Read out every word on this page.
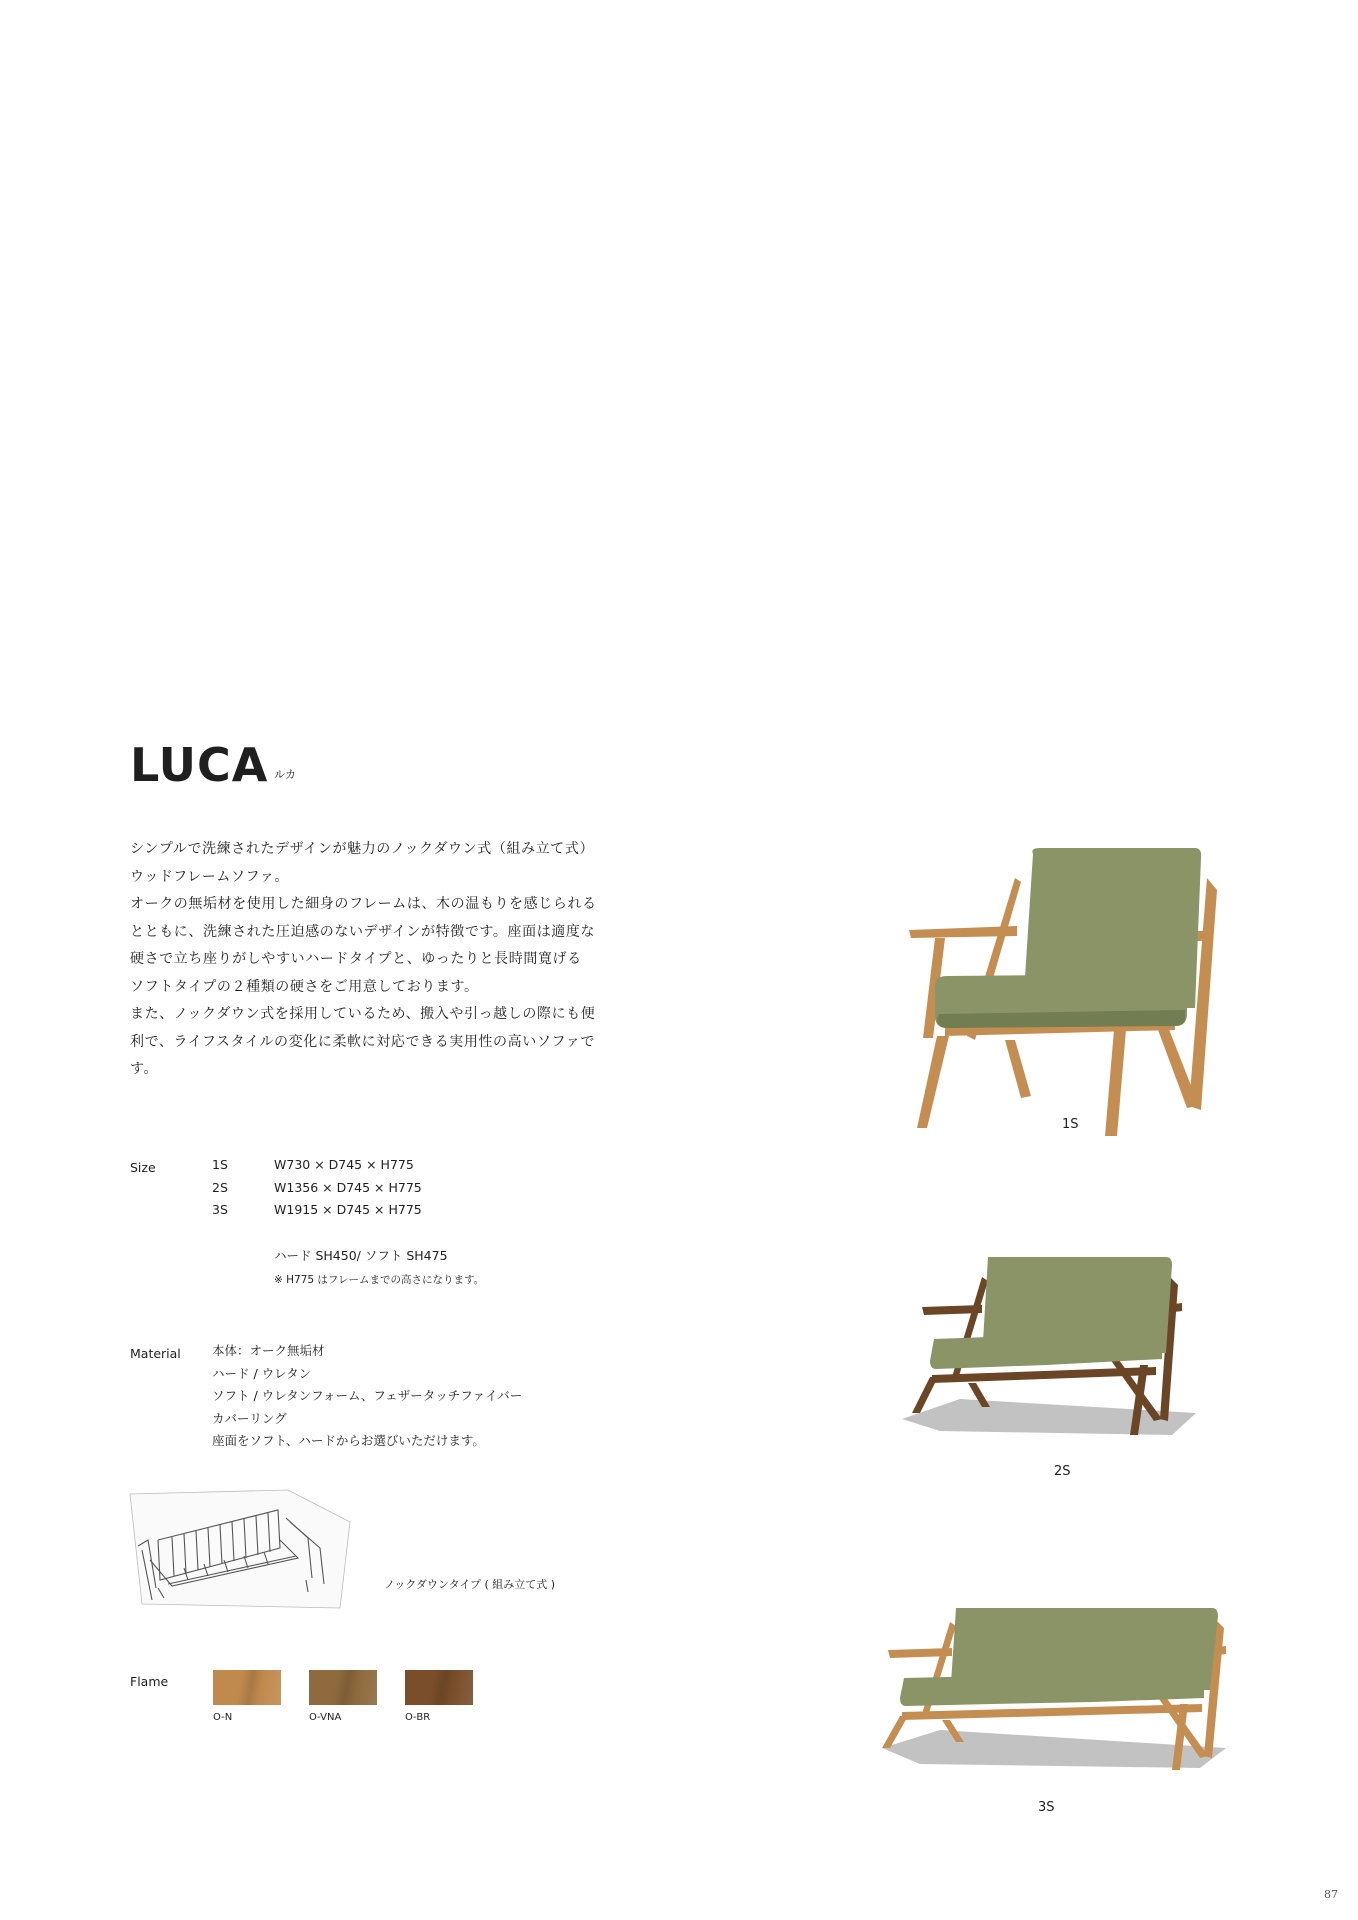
LUCA ルカ

シンプルで洗練されたデザインが魅力のノックダウン式（組み立て式）

ウッドフレームソファ。

オークの無垢材を使用した細身のフレームは、木の温もりを感じられる

とともに、洗練された圧迫感のないデザインが特徴です。座面は適度な

硬さで立ち座りがしやすいハードタイプと、ゆったりと長時間寛げる

ソフトタイプの２種類の硬さをご用意しております。

また、ノックダウン式を採用しているため、搬入や引っ越しの際にも便

利で、ライフスタイルの変化に柔軟に対応できる実用性の高いソファで

す。

Size	1S	W730 × D745 × H775
2S	W1356 × D745 × H775
3S	W1915 × D745 × H775
ハード SH450/ ソフト SH475
※ H775 はフレームまでの高さになります。
Material 本体：オーク無垢材
ハード / ウレタン
ソフト / ウレタンフォーム、フェザータッチファイバー
カバーリング
座面をソフト、ハードからお選びいただけます。
ノックダウンタイプ ( 組み立て式 )
Flame
O-N	O-VNA	O-BR
1S
2S
3S
87
